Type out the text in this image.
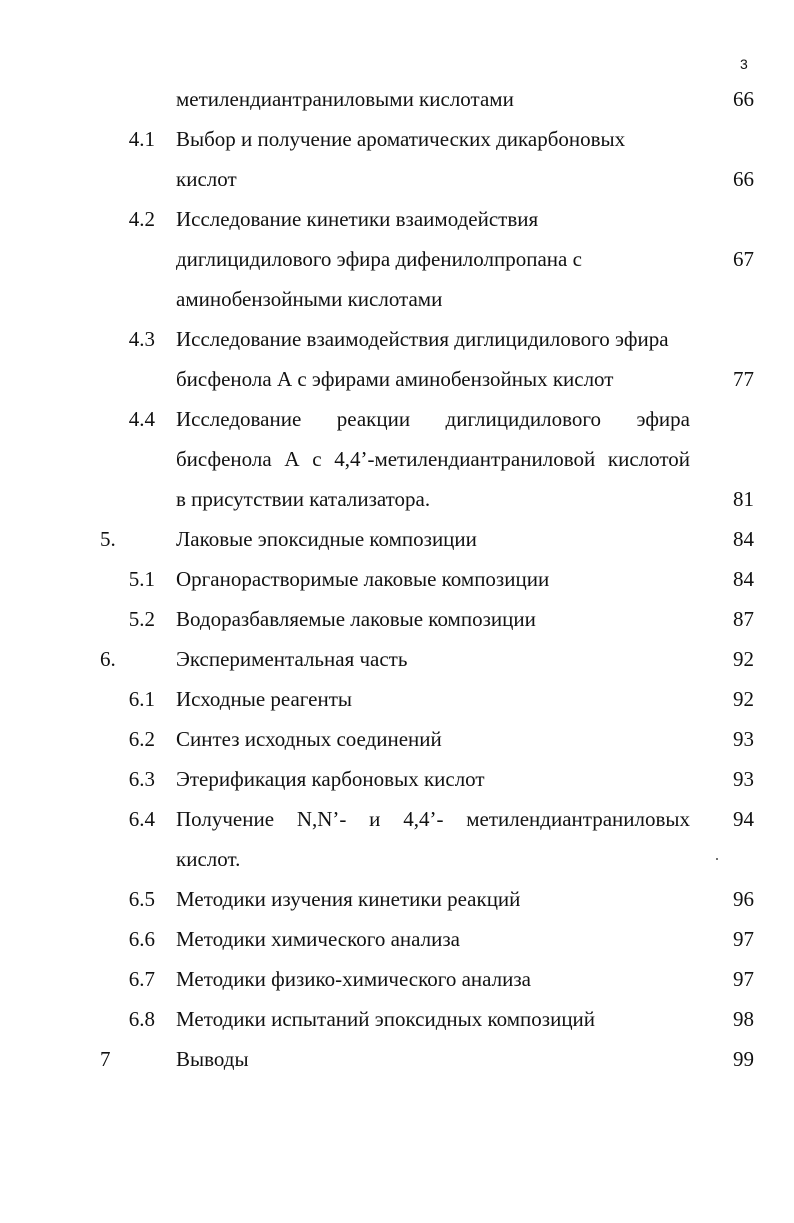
3
метилендиантраниловыми кислотами	66
4.1 Выбор и получение ароматических дикарбоновых
кислот	66
4.2 Исследование кинетики взаимодействия
диглицидилового эфира дифенилолпропана с	67
аминобензойными кислотами
4.3 Исследование взаимодействия диглицидилового эфира
бисфенола А с эфирами аминобензойных кислот	77
4.4 Исследование реакции диглицидилового эфира
бисфенола А с 4,4’-метилендиантраниловой кислотой
в присутствии катализатора.	81
5.	Лаковые эпоксидные композиции	84
5.1 Органорастворимые лаковые композиции	84
5.2 Водоразбавляемые лаковые композиции	87
6.	Экспериментальная часть	92
6.1 Исходные реагенты	92
6.2 Синтез исходных соединений	93
6.3 Этерификация карбоновых кислот	93
6.4 Получение N,N’- и 4,4’- метилендиантраниловых 94
кислот.
6.5 Методики изучения кинетики реакций	96
6.6 Методики химического анализа	97
6.7 Методики физико-химического анализа	97
6.8 Методики испытаний эпоксидных композиций	98
7	Выводы	99
